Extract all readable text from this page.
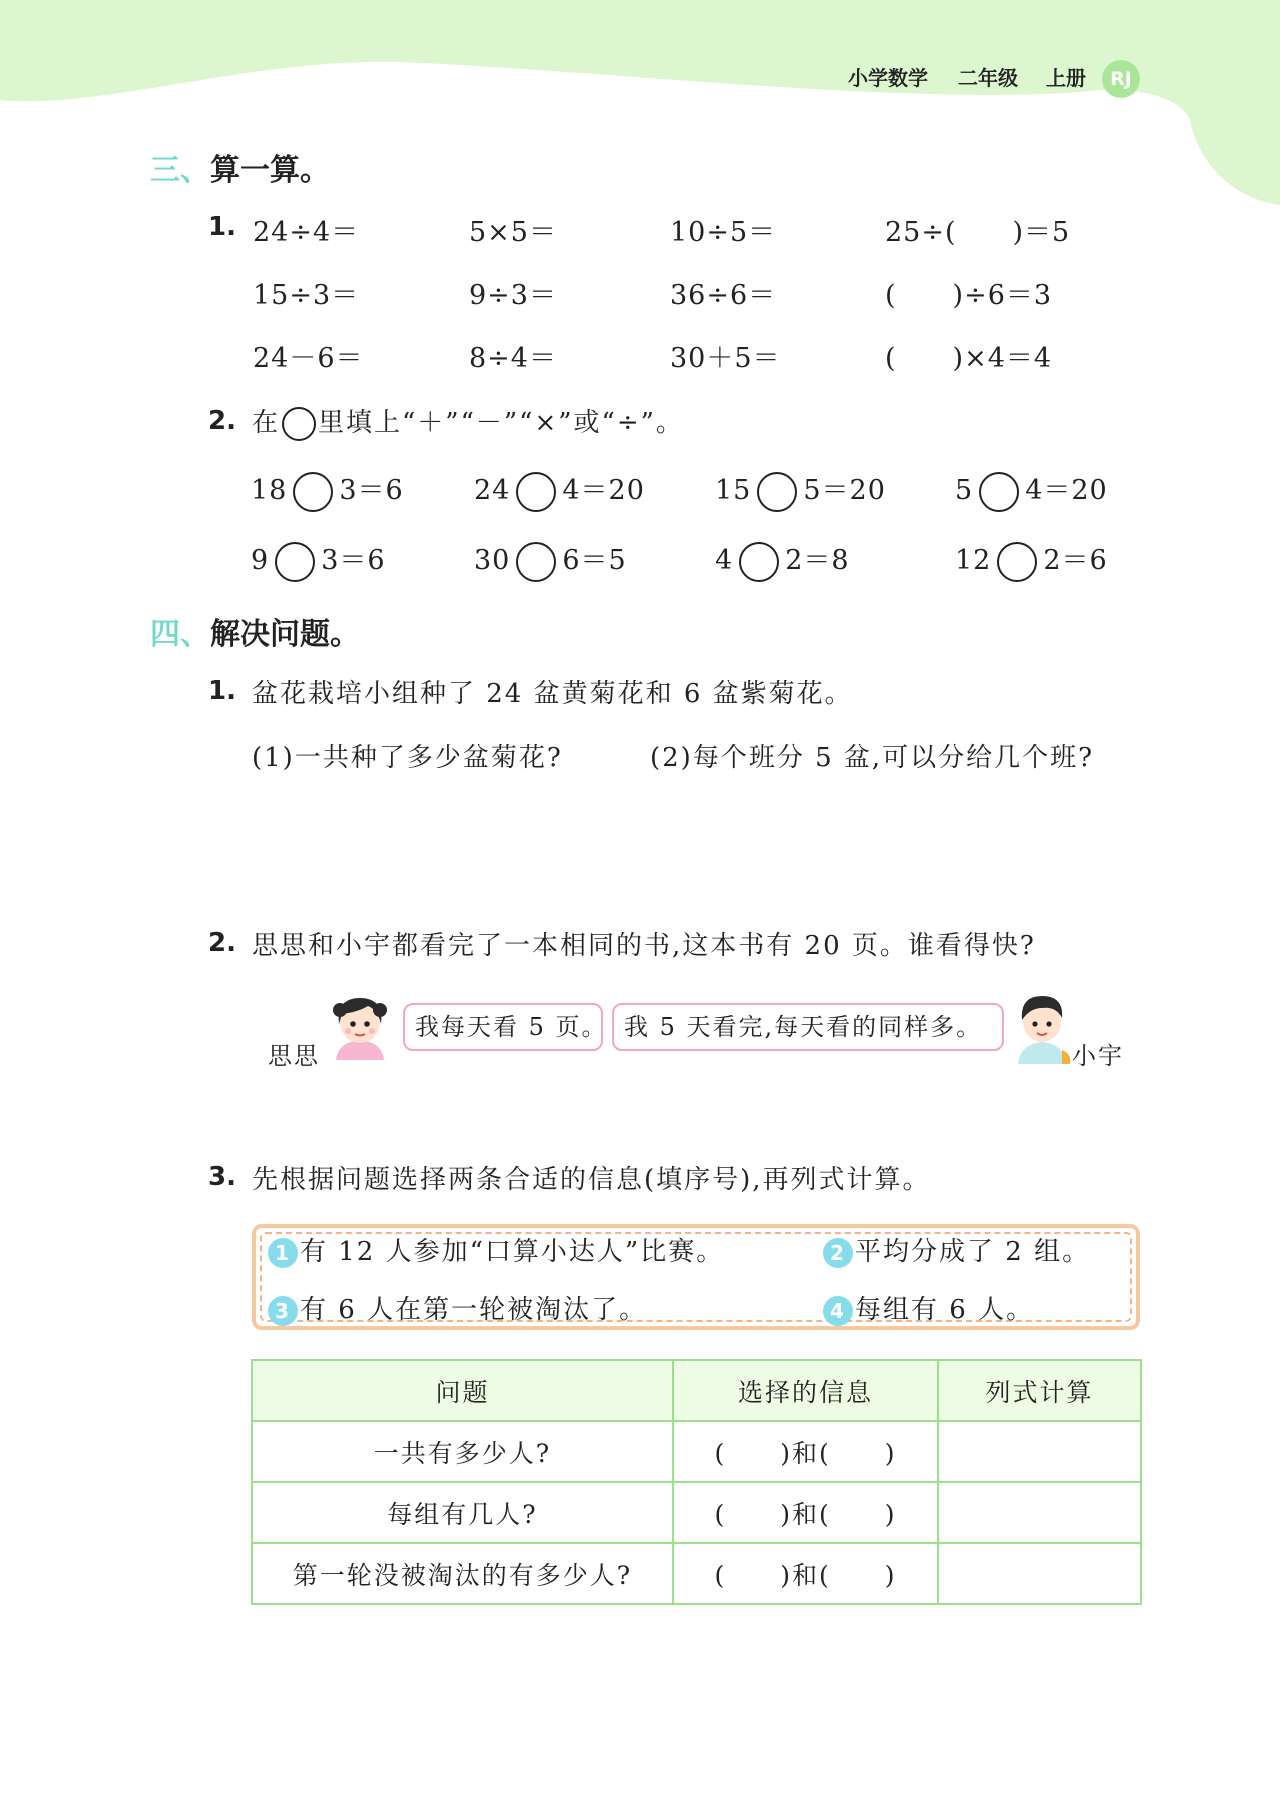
小学数学 二年级 上册	RJ
三、算一算。
1. 24÷4＝	5×5＝	10÷5＝	25÷(　　)＝5
15÷3＝	9÷3＝	36÷6＝	(　　)÷6＝3
24－6＝	8÷4＝	30＋5＝	(　　)×4＝4
2. 在 里填上“＋”“－”“×”或“÷”。
18 3＝6	24 4＝20	15 5＝20	5 4＝20
9 3＝6	30 6＝5	4 2＝8	12 2＝6
四、解决问题。
1. 盆花栽培小组种了 24 盆黄菊花和 6 盆紫菊花。
(1)一共种了多少盆菊花?	(2)每个班分 5 盆,可以分给几个班?
2. 思思和小宇都看完了一本相同的书,这本书有 20 页。谁看得快?
思思
我每天看 5 页。 我 5 天看完,每天看的同样多。
小宇
3. 先根据问题选择两条合适的信息(填序号),再列式计算。
1 有 12 人参加“口算小达人”比赛。	2 平均分成了 2 组。
3 有 6 人在第一轮被淘汰了。	4 每组有 6 人。
问题	选择的信息	列式计算
一共有多少人?	(　　)和(　　)	
每组有几人?	(　　)和(　　)	
第一轮没被淘汰的有多少人?	(　　)和(　　)	
